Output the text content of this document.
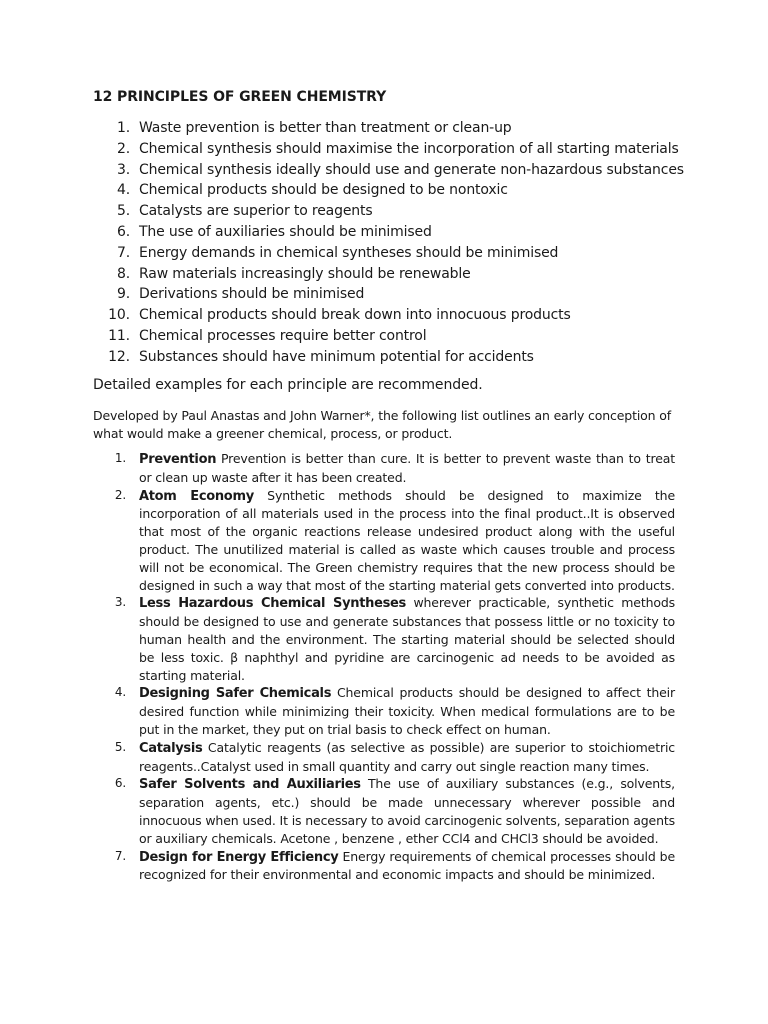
12 PRINCIPLES OF GREEN CHEMISTRY
1. Waste prevention is better than treatment or clean-up
2. Chemical synthesis should maximise the incorporation of all starting materials
3. Chemical synthesis ideally should use and generate non-hazardous substances
4. Chemical products should be designed to be nontoxic
5. Catalysts are superior to reagents
6. The use of auxiliaries should be minimised
7. Energy demands in chemical syntheses should be minimised
8. Raw materials increasingly should be renewable
9. Derivations should be minimised
10. Chemical products should break down into innocuous products
11. Chemical processes require better control
12. Substances should have minimum potential for accidents
Detailed examples for each principle are recommended.
Developed by Paul Anastas and John Warner*, the following list outlines an early conception of what would make a greener chemical, process, or product.
1. Prevention Prevention is better than cure. It is better to prevent waste than to treat or clean up waste after it has been created.
2. Atom Economy Synthetic methods should be designed to maximize the incorporation of all materials used in the process into the final product..It is observed that most of the organic reactions release undesired product along with the useful product. The unutilized material is called as waste which causes trouble and process will not be economical. The Green chemistry requires that the new process should be designed in such a way that most of the starting material gets converted into products.
3. Less Hazardous Chemical Syntheses wherever practicable, synthetic methods should be designed to use and generate substances that possess little or no toxicity to human health and the environment. The starting material should be selected should be less toxic. β naphthyl and pyridine are carcinogenic ad needs to be avoided as starting material.
4. Designing Safer Chemicals Chemical products should be designed to affect their desired function while minimizing their toxicity. When medical formulations are to be put in the market, they put on trial basis to check effect on human.
5. Catalysis Catalytic reagents (as selective as possible) are superior to stoichiometric reagents..Catalyst used in small quantity and carry out single reaction many times.
6. Safer Solvents and Auxiliaries The use of auxiliary substances (e.g., solvents, separation agents, etc.) should be made unnecessary wherever possible and innocuous when used. It is necessary to avoid carcinogenic solvents, separation agents or auxiliary chemicals. Acetone , benzene , ether CCl4 and CHCl3 should be avoided.
7. Design for Energy Efficiency Energy requirements of chemical processes should be recognized for their environmental and economic impacts and should be minimized.
